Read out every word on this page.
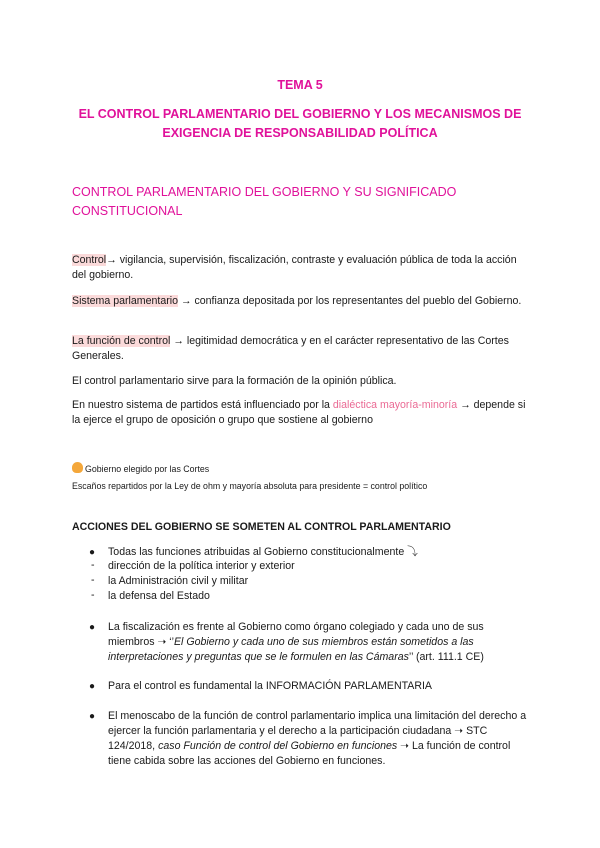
TEMA 5
EL CONTROL PARLAMENTARIO DEL GOBIERNO Y LOS MECANISMOS DE EXIGENCIA DE RESPONSABILIDAD POLÍTICA
CONTROL PARLAMENTARIO DEL GOBIERNO Y SU SIGNIFICADO CONSTITUCIONAL
Control→ vigilancia, supervisión, fiscalización, contraste y evaluación pública de toda la acción del gobierno.
Sistema parlamentario → confianza depositada por los representantes del pueblo del Gobierno.
La función de control → legitimidad democrática y en el carácter representativo de las Cortes Generales.
El control parlamentario sirve para la formación de la opinión pública.
En nuestro sistema de partidos está influenciado por la dialéctica mayoría-minoría → depende si la ejerce el grupo de oposición o grupo que sostiene al gobierno
Gobierno elegido por las Cortes
Escaños repartidos por la Ley de ohm y mayoría absoluta para presidente = control político
ACCIONES DEL GOBIERNO SE SOMETEN AL CONTROL PARLAMENTARIO
● Todas las funciones atribuidas al Gobierno constitucionalmente ⤵
- dirección de la política interior y exterior
- la Administración civil y militar
- la defensa del Estado
● La fiscalización es frente al Gobierno como órgano colegiado y cada uno de sus miembros ➝ ‘’El Gobierno y cada uno de sus miembros están sometidos a las interpretaciones y preguntas que se le formulen en las Cámaras’’ (art. 111.1 CE)
● Para el control es fundamental la INFORMACIÓN PARLAMENTARIA
● El menoscabo de la función de control parlamentario implica una limitación del derecho a ejercer la función parlamentaria y el derecho a la participación ciudadana ➝ STC 124/2018, caso Función de control del Gobierno en funciones ➝ La función de control tiene cabida sobre las acciones del Gobierno en funciones.
